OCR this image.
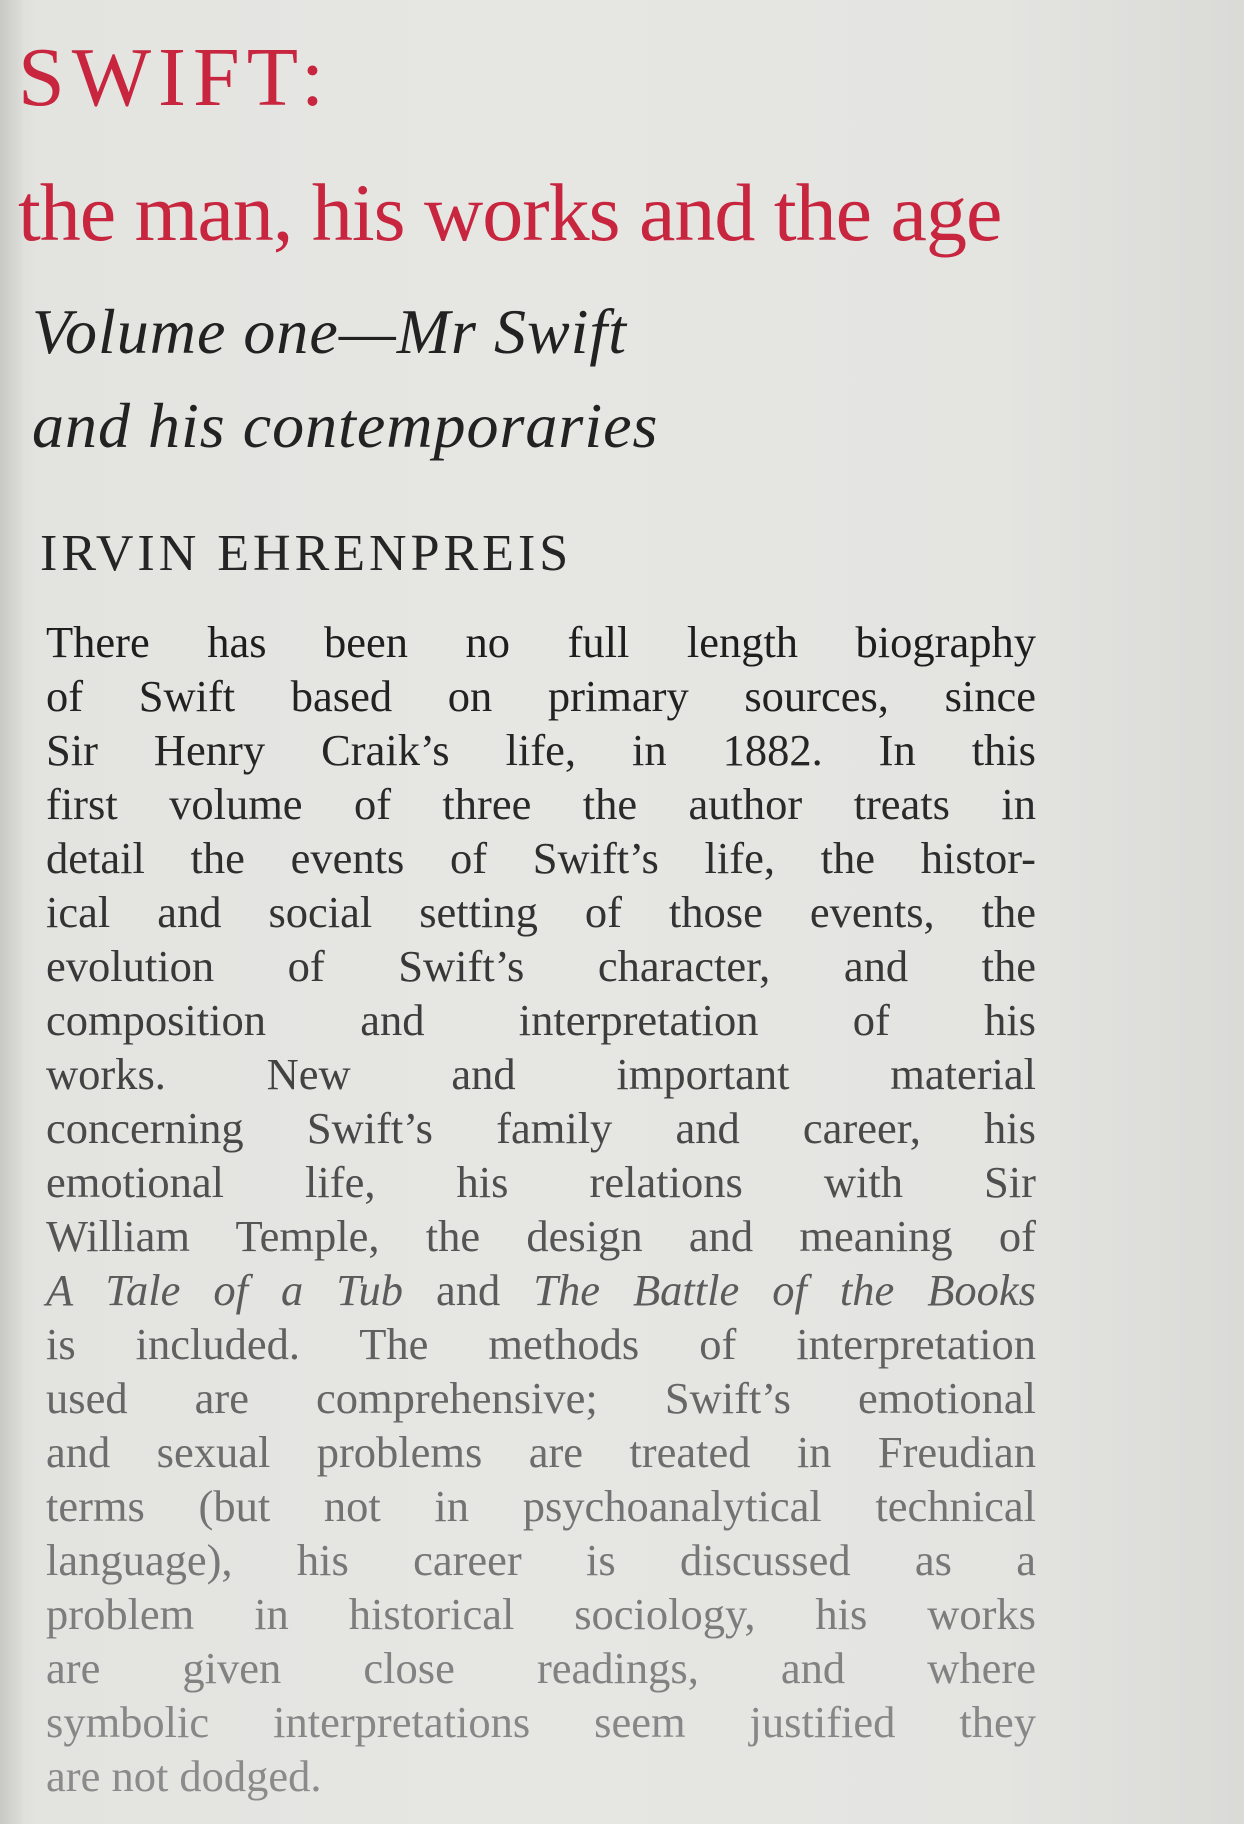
SWIFT:
the man, his works and the age

Volume one—Mr Swift

and his contemporaries

IRVIN EHRENPREIS
There has been no full length biography
of Swift based on primary sources, since
Sir Henry Craik’s life, in 1882. In this
first volume of three the author treats in
detail the events of Swift’s life, the histor-
ical and social setting of those events, the
evolution of Swift’s character, and the
composition and interpretation of his
works. New and important material
concerning Swift’s family and career, his
emotional life, his relations with Sir
William Temple, the design and meaning of
A Tale of a Tub and The Battle of the Books
is included. The methods of interpretation
used are comprehensive; Swift’s emotional
and sexual problems are treated in Freudian
terms (but not in psychoanalytical technical
language), his career is discussed as a
problem in historical sociology, his works
are given close readings, and where
symbolic interpretations seem justified they
are not dodged.
